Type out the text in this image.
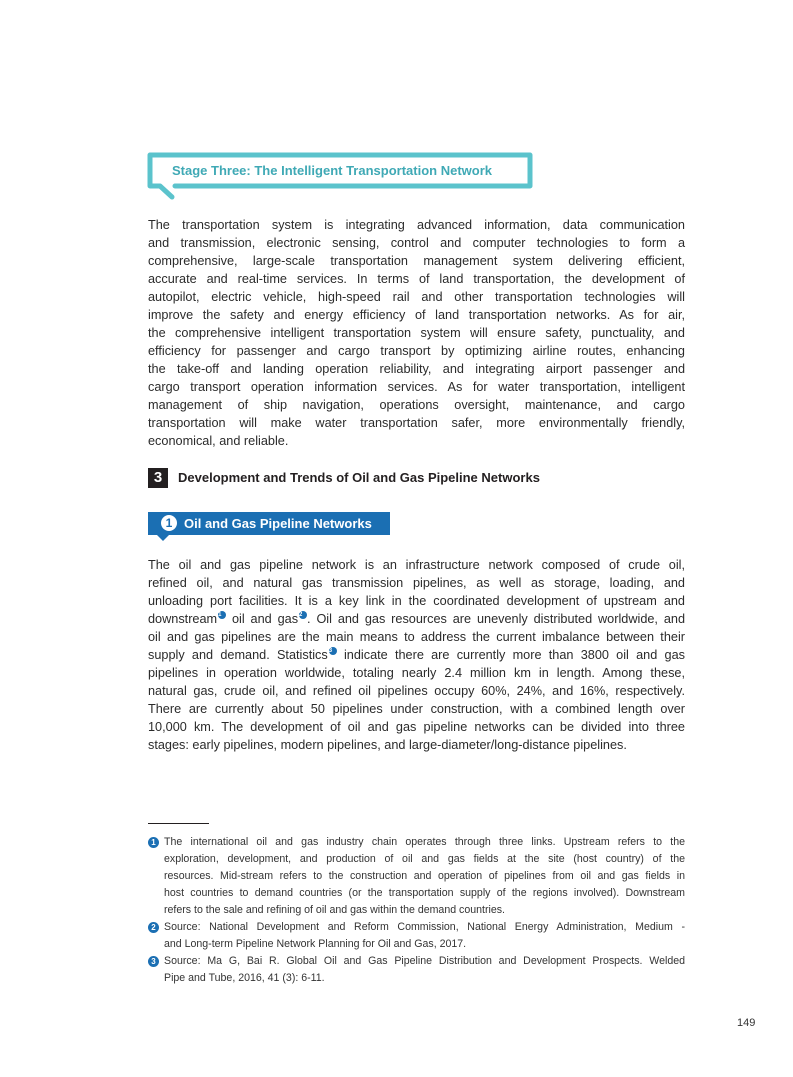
Stage Three: The Intelligent Transportation Network
The transportation system is integrating advanced information, data communication
and transmission, electronic sensing, control and computer technologies to form a
comprehensive, large-scale transportation management system delivering efficient,
accurate and real-time services. In terms of land transportation, the development of
autopilot, electric vehicle, high-speed rail and other transportation technologies will
improve the safety and energy efficiency of land transportation networks. As for air,
the comprehensive intelligent transportation system will ensure safety, punctuality, and
efficiency for passenger and cargo transport by optimizing airline routes, enhancing
the take-off and landing operation reliability, and integrating airport passenger and
cargo transport operation information services. As for water transportation, intelligent
management of ship navigation, operations oversight, maintenance, and cargo
transportation will make water transportation safer, more environmentally friendly,
economical, and reliable.
3	Development and Trends of Oil and Gas Pipeline Networks
1 Oil and Gas Pipeline Networks
The oil and gas pipeline network is an infrastructure network composed of crude oil,
refined oil, and natural gas transmission pipelines, as well as storage, loading, and
unloading port facilities. It is a key link in the coordinated development of upstream and
downstream$^1$ oil and gas$^2$ . Oil and gas resources are unevenly distributed worldwide, and
oil and gas pipelines are the main means to address the current imbalance between their
supply and demand. Statistics$^3$ indicate there are currently more than 3800 oil and gas
pipelines in operation worldwide, totaling nearly 2.4 million km in length. Among these,
natural gas, crude oil, and refined oil pipelines occupy 60%, 24%, and 16%, respectively.
There are currently about 50 pipelines under construction, with a combined length over
10,000 km. The development of oil and gas pipeline networks can be divided into three
stages: early pipelines, modern pipelines, and large-diameter/long-distance pipelines.
1 The international oil and gas industry chain operates through three links. Upstream refers to the
exploration, development, and production of oil and gas fields at the site (host country) of the
resources. Mid-stream refers to the construction and operation of pipelines from oil and gas fields in
host countries to demand countries (or the transportation supply of the regions involved). Downstream
refers to the sale and refining of oil and gas within the demand countries.
2 Source: National Development and Reform Commission, National Energy Administration, Medium -
and Long-term Pipeline Network Planning for Oil and Gas, 2017.
3 Source: Ma G, Bai R. Global Oil and Gas Pipeline Distribution and Development Prospects. Welded
Pipe and Tube, 2016, 41 (3): 6-11.
149
